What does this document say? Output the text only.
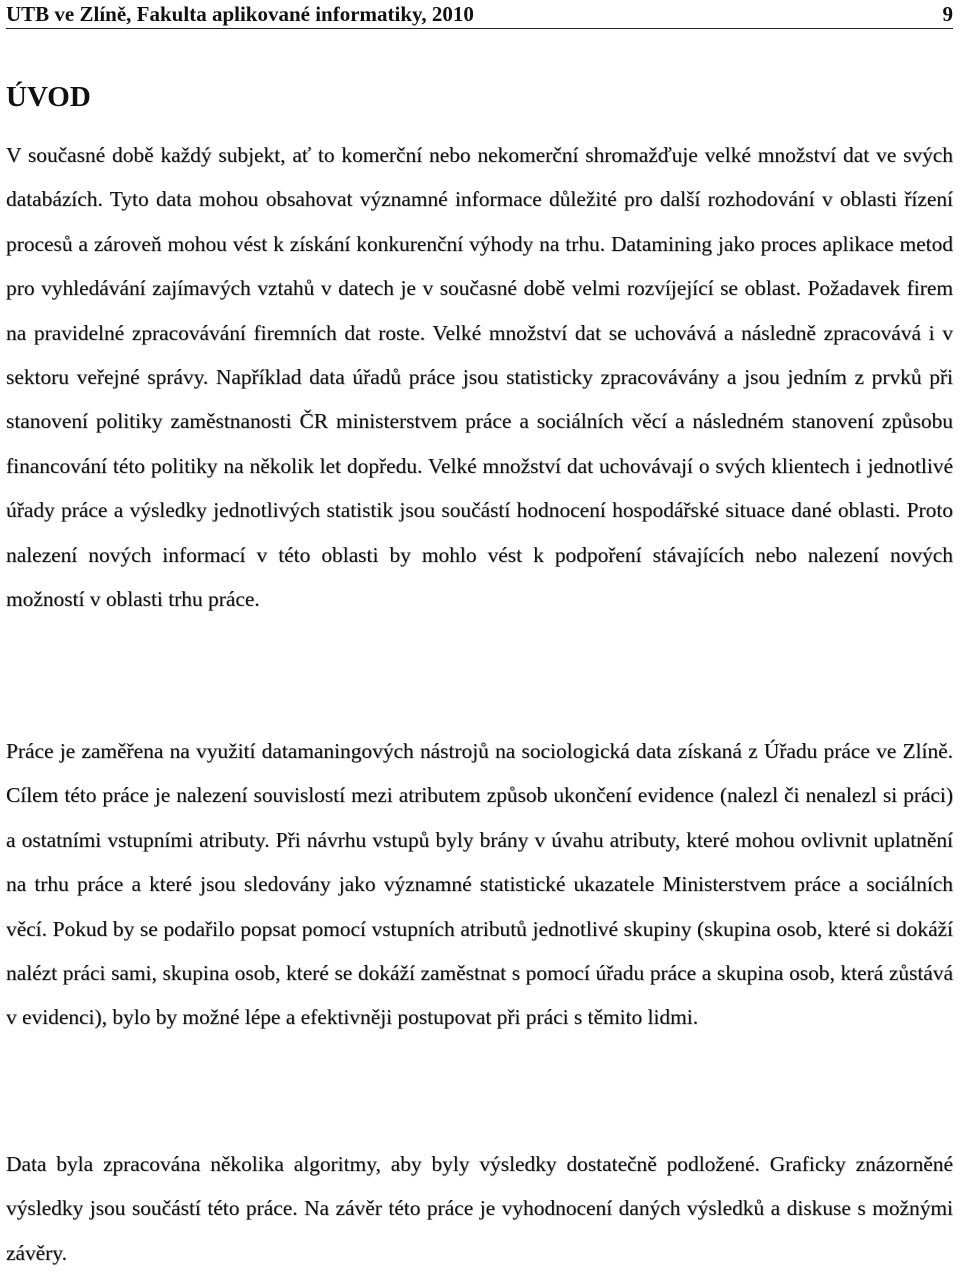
UTB ve Zlíně, Fakulta aplikované informatiky, 2010	9
ÚVOD

V současné době každý subjekt, ať to komerční nebo nekomerční shromažďuje velké množství dat ve svých databázích. Tyto data mohou obsahovat významné informace důležité pro další rozhodování v oblasti řízení procesů a zároveň mohou vést k získání konkurenční výhody na trhu. Datamining jako proces aplikace metod pro vyhledávání zajímavých vztahů v datech je v současné době velmi rozvíjející se oblast. Požadavek firem na pravidelné zpracovávání firemních dat roste. Velké množství dat se uchovává a následně zpracovává i v sektoru veřejné správy. Například data úřadů práce jsou statisticky zpracovávány a jsou jedním z prvků při stanovení politiky zaměstnanosti ČR ministerstvem práce a sociálních věcí a následném stanovení způsobu financování této politiky na několik let dopředu. Velké množství dat uchovávají o svých klientech i jednotlivé úřady práce a výsledky jednotlivých statistik jsou součástí hodnocení hospodářské situace dané oblasti. Proto nalezení nových informací v této oblasti by mohlo vést k podpoření stávajících nebo nalezení nových možností v oblasti trhu práce.

Práce je zaměřena na využití datamaningových nástrojů na sociologická data získaná z Úřadu práce ve Zlíně. Cílem této práce je nalezení souvislostí mezi atributem způsob ukončení evidence (nalezl či nenalezl si práci) a ostatními vstupními atributy. Při návrhu vstupů byly brány v úvahu atributy, které mohou ovlivnit uplatnění na trhu práce a které jsou sledovány jako významné statistické ukazatele Ministerstvem práce a sociálních věcí. Pokud by se podařilo popsat pomocí vstupních atributů jednotlivé skupiny (skupina osob, které si dokáží nalézt práci sami, skupina osob, které se dokáží zaměstnat s pomocí úřadu práce a skupina osob, která zůstává v evidenci), bylo by možné lépe a efektivněji postupovat při práci s těmito lidmi.

Data byla zpracována několika algoritmy, aby byly výsledky dostatečně podložené. Graficky znázorněné výsledky jsou součástí této práce. Na závěr této práce je vyhodnocení daných výsledků a diskuse s možnými závěry.
